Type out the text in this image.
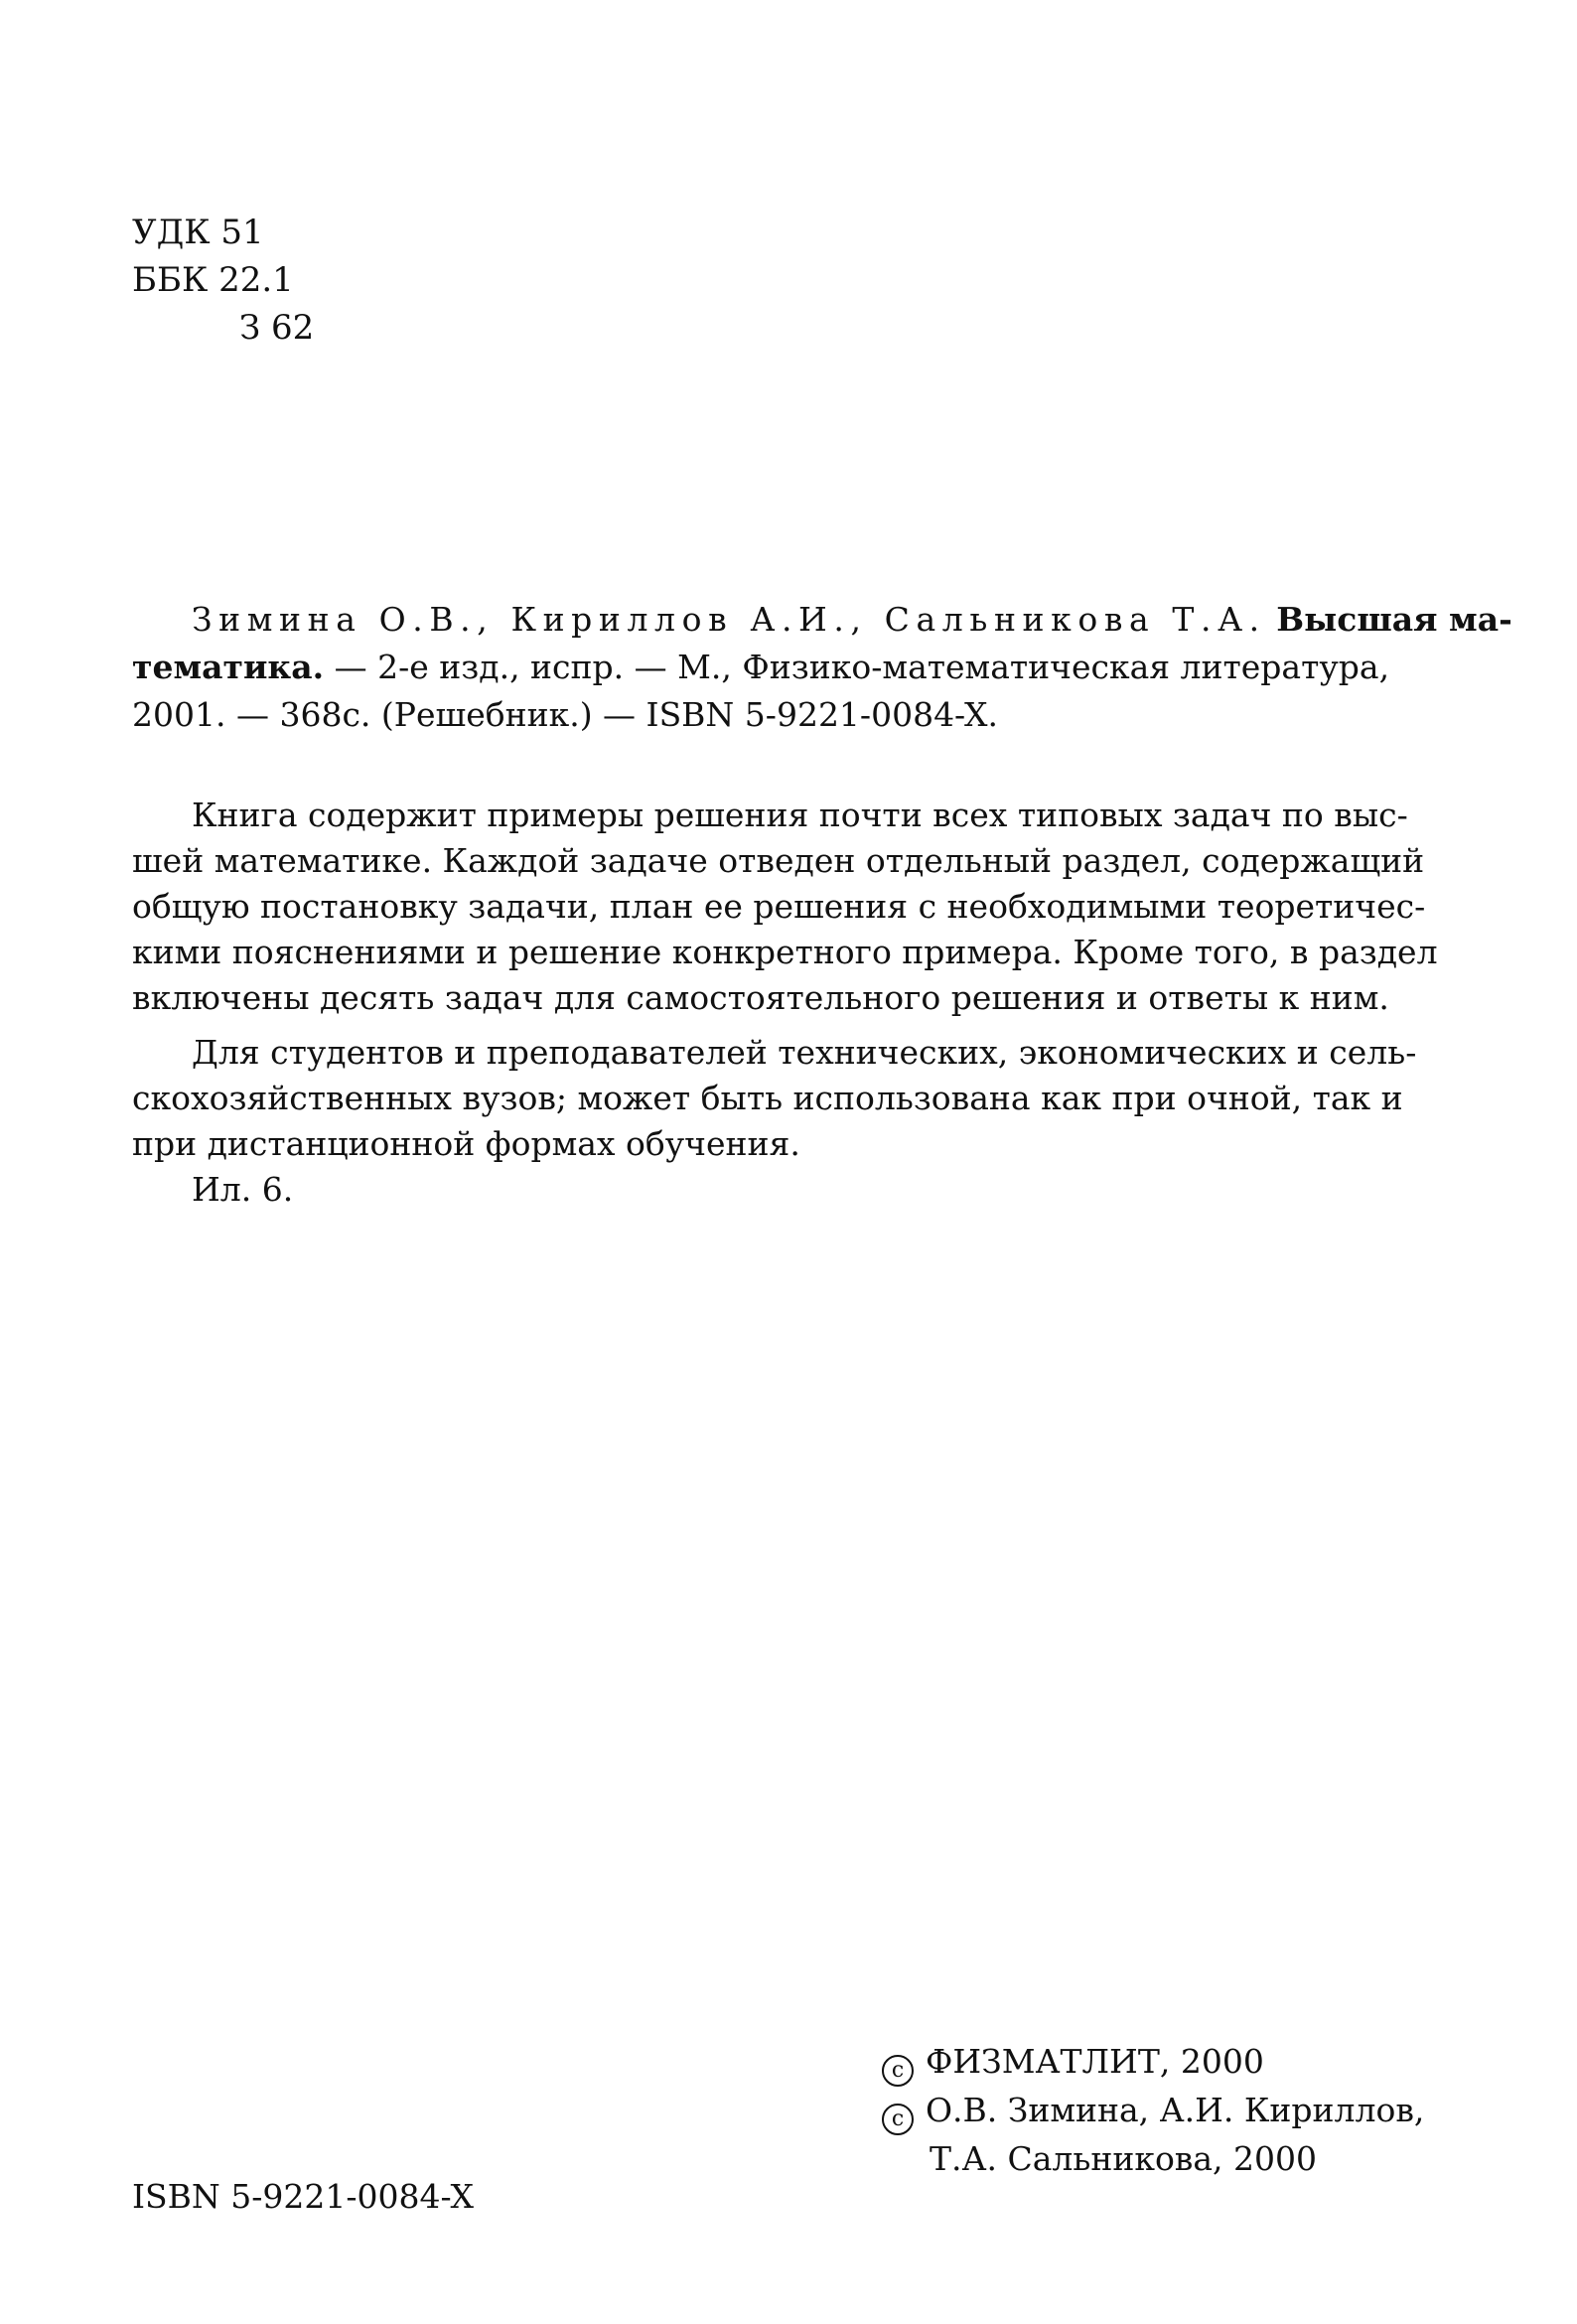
УДК 51
ББК 22.1
З 62
Зимина О.В., Кириллов А.И., Сальникова Т.А. Высшая ма-
тематика. — 2-е изд., испр. — М., Физико-математическая литература,
2001. — 368с. (Решебник.) — ISBN 5-9221-0084-X.
Книга содержит примеры решения почти всех типовых задач по выс-
шей математике. Каждой задаче отведен отдельный раздел, содержащий
общую постановку задачи, план ее решения с необходимыми теоретичес-
кими пояснениями и решение конкретного примера. Кроме того, в раздел
включены десять задач для самостоятельного решения и ответы к ним.
Для студентов и преподавателей технических, экономических и сель-
скохозяйственных вузов; может быть использована как при очной, так и
при дистанционной формах обучения.
Ил. 6.
c ФИЗМАТЛИТ, 2000
c О.В. Зимина, А.И. Кириллов,
Т.А. Сальникова, 2000
ISBN 5-9221-0084-X
